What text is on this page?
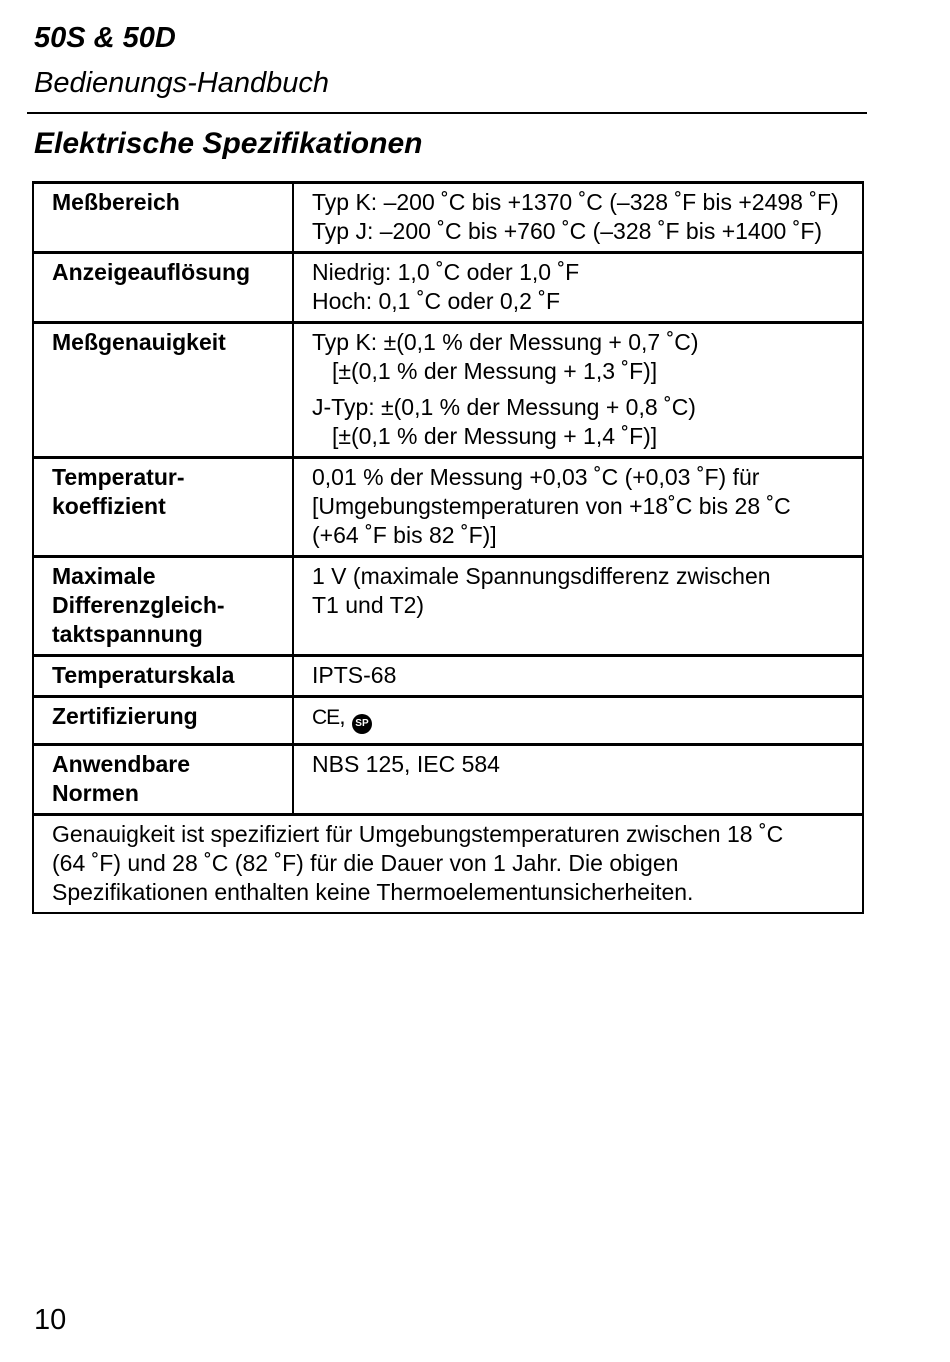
50S & 50D
Bedienungs-Handbuch
Elektrische Spezifikationen
Meßbereich	Typ K: –200 ˚C bis +1370 ˚C (–328 ˚F bis +2498 ˚F)
Typ J: –200 ˚C bis +760 ˚C (–328 ˚F bis +1400 ˚F)

Anzeigeauflösung	Niedrig: 1,0 ˚C oder 1,0 ˚F
Hoch: 0,1 ˚C oder 0,2 ˚F

Meßgenauigkeit	Typ K: ±(0,1 % der Messung + 0,7 ˚C)
[±(0,1 % der Messung + 1,3 ˚F)]
J-Typ: ±(0,1 % der Messung + 0,8 ˚C)
[±(0,1 % der Messung + 1,4 ˚F)]

Temperatur-
koeffizient	0,01 % der Messung +0,03 ˚C (+0,03 ˚F) für
[Umgebungstemperaturen von +18˚C bis 28 ˚C
(+64 ˚F bis 82 ˚F)]

Maximale
Differenzgleich-
taktspannung	1 V (maximale Spannungsdifferenz zwischen
T1 und T2)

Temperaturskala	IPTS-68

Zertifizierung	CE, SP

Anwendbare
Normen	NBS 125, IEC 584

Genauigkeit ist spezifiziert für Umgebungstemperaturen zwischen 18 ˚C
(64 ˚F) und 28 ˚C (82 ˚F) für die Dauer von 1 Jahr. Die obigen
Spezifikationen enthalten keine Thermoelementunsicherheiten.	
10
